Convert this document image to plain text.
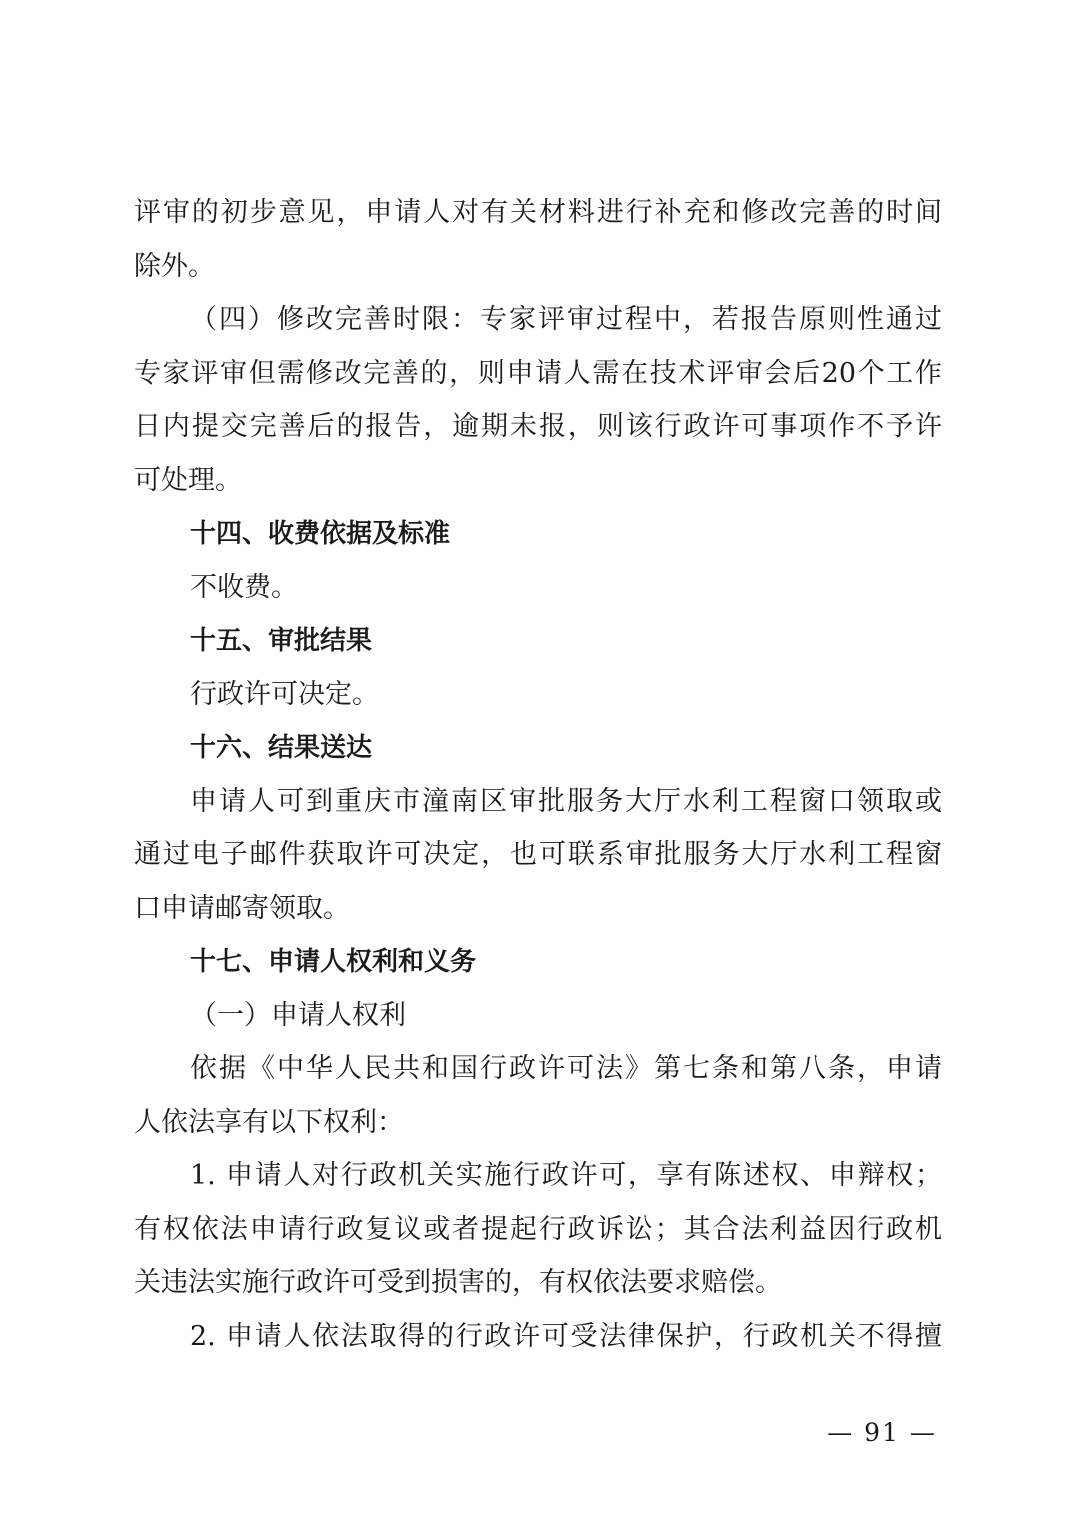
评审的初步意见，申请人对有关材料进行补充和修改完善的时间
除外。
（四）修改完善时限：专家评审过程中，若报告原则性通过
专家评审但需修改完善的，则申请人需在技术评审会后20个工作
日内提交完善后的报告，逾期未报，则该行政许可事项作不予许
可处理。
十四、收费依据及标准
不收费。
十五、审批结果
行政许可决定。
十六、结果送达
申请人可到重庆市潼南区审批服务大厅水利工程窗口领取或
通过电子邮件获取许可决定，也可联系审批服务大厅水利工程窗
口申请邮寄领取。
十七、申请人权利和义务
（一）申请人权利
依据《中华人民共和国行政许可法》第七条和第八条，申请
人依法享有以下权利：
1. 申请人对行政机关实施行政许可，享有陈述权、申辩权；
有权依法申请行政复议或者提起行政诉讼；其合法利益因行政机
关违法实施行政许可受到损害的，有权依法要求赔偿。
2. 申请人依法取得的行政许可受法律保护，行政机关不得擅
— 91 —
